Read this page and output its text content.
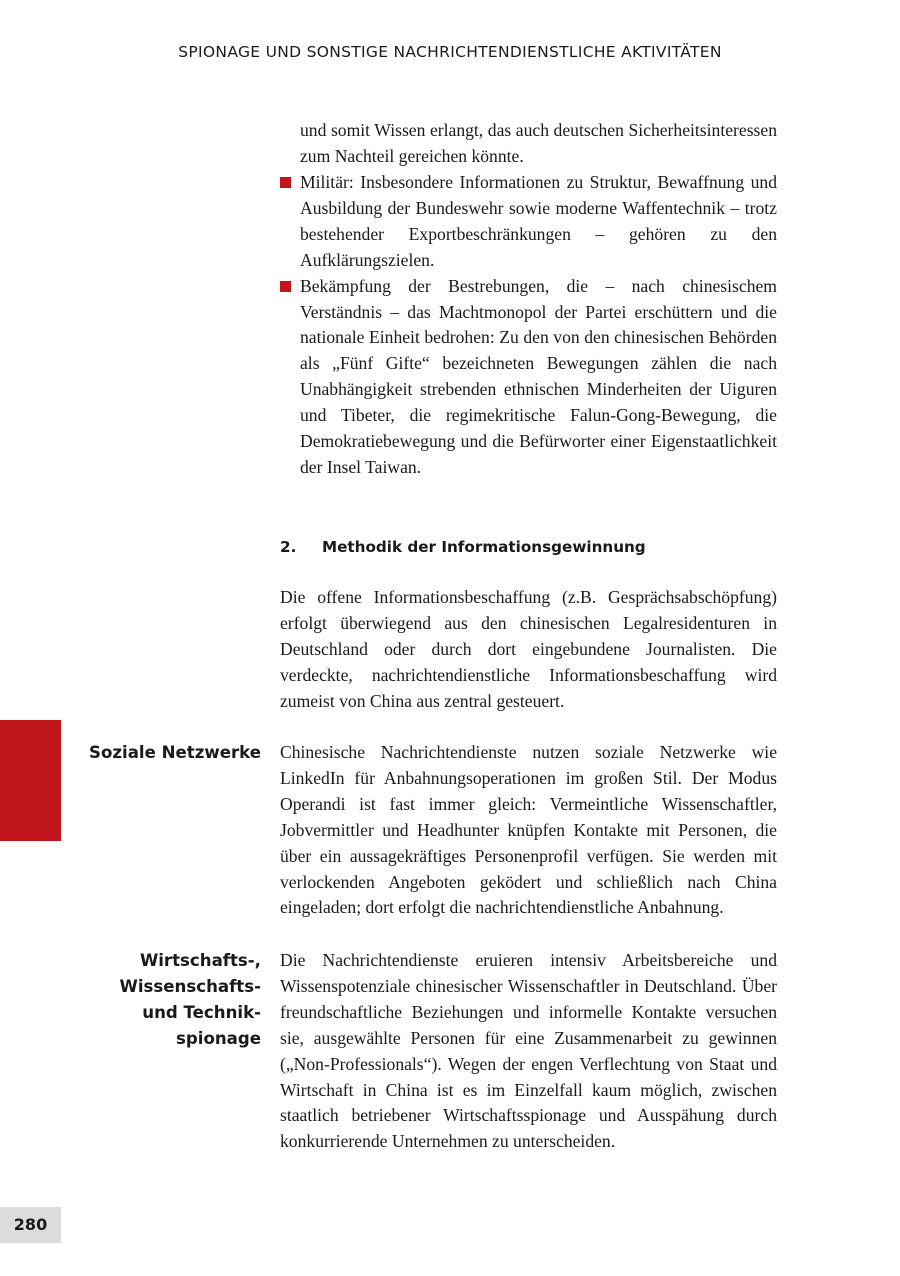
SPIONAGE UND SONSTIGE NACHRICHTENDIENSTLICHE AKTIVITÄTEN

und somit Wissen erlangt, das auch deutschen Sicherheitsinteressen zum Nachteil gereichen könnte.

Militär: Insbesondere Informationen zu Struktur, Bewaffnung und Ausbildung der Bundeswehr sowie moderne Waffentechnik – trotz bestehender Exportbeschränkungen – gehören zu den Aufklärungszielen.
Bekämpfung der Bestrebungen, die – nach chinesischem Verständnis – das Machtmonopol der Partei erschüttern und die nationale Einheit bedrohen: Zu den von den chinesischen Behörden als „Fünf Gifte“ bezeichneten Bewegungen zählen die nach Unabhängigkeit strebenden ethnischen Minderheiten der Uiguren und Tibeter, die regimekritische Falun-Gong-Bewegung, die Demokratiebewegung und die Befürworter einer Eigenstaatlichkeit der Insel Taiwan.
2. Methodik der Informationsgewinnung

Die offene Informationsbeschaffung (z.B. Gesprächsabschöpfung) erfolgt überwiegend aus den chinesischen Legalresidenturen in Deutschland oder durch dort eingebundene Journalisten. Die verdeckte, nachrichtendienstliche Informationsbeschaffung wird zumeist von China aus zentral gesteuert.

Soziale Netzwerke Chinesische Nachrichtendienste nutzen soziale Netzwerke wie LinkedIn für Anbahnungsoperationen im großen Stil. Der Modus Operandi ist fast immer gleich: Vermeintliche Wissenschaftler, Jobvermittler und Headhunter knüpfen Kontakte mit Personen, die über ein aussagekräftiges Personenprofil verfügen. Sie werden mit verlockenden Angeboten geködert und schließlich nach China eingeladen; dort erfolgt die nachrichtendienstliche Anbahnung.

Wirtschafts-,
Wissenschafts-
und Technik-
spionage

Die Nachrichtendienste eruieren intensiv Arbeitsbereiche und Wissenspotenziale chinesischer Wissenschaftler in Deutschland. Über freundschaftliche Beziehungen und informelle Kontakte versuchen sie, ausgewählte Personen für eine Zusammenarbeit zu gewinnen („Non-Professionals“). Wegen der engen Verflechtung von Staat und Wirtschaft in China ist es im Einzelfall kaum möglich, zwischen staatlich betriebener Wirtschaftsspionage und Ausspähung durch konkurrierende Unternehmen zu unterscheiden.

280
